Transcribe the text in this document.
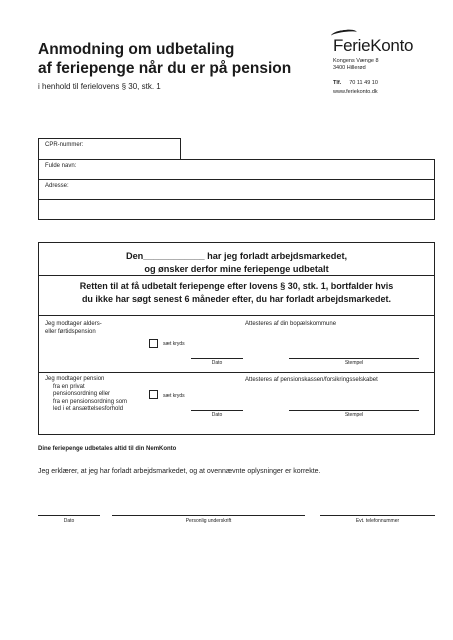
Anmodning om udbetaling
af feriepenge når du er på pension
i henhold til ferielovens § 30, stk. 1
FerieKonto
Kongens Vænge 8
3400 Hillerød
Tlf. 70 11 49 10
www.feriekonto.dk
CPR-nummer:
Fulde navn:
Adresse:
Den____________ har jeg forladt arbejdsmarkedet,
og ønsker derfor mine feriepenge udbetalt
Retten til at få udbetalt feriepenge efter lovens § 30, stk. 1, bortfalder hvis
du ikke har søgt senest 6 måneder efter, du har forladt arbejdsmarkedet.
Jeg modtager alders-
eller førtidspension
sæt kryds
Attesteres af din bopælskommune
Dato	Stempel
Jeg modtager pension
fra en privat
pensionsordning eller
fra en pensionsordning som
led i et ansættelsesforhold
sæt kryds
Attesteres af pensionskassen/forsikringsselskabet
Dato	Stempel
Dine feriepenge udbetales altid til din NemKonto
Jeg erklærer, at jeg har forladt arbejdsmarkedet, og at ovennævnte oplysninger er korrekte.
Dato	Personlig underskrift	Evt. telefonnummer
